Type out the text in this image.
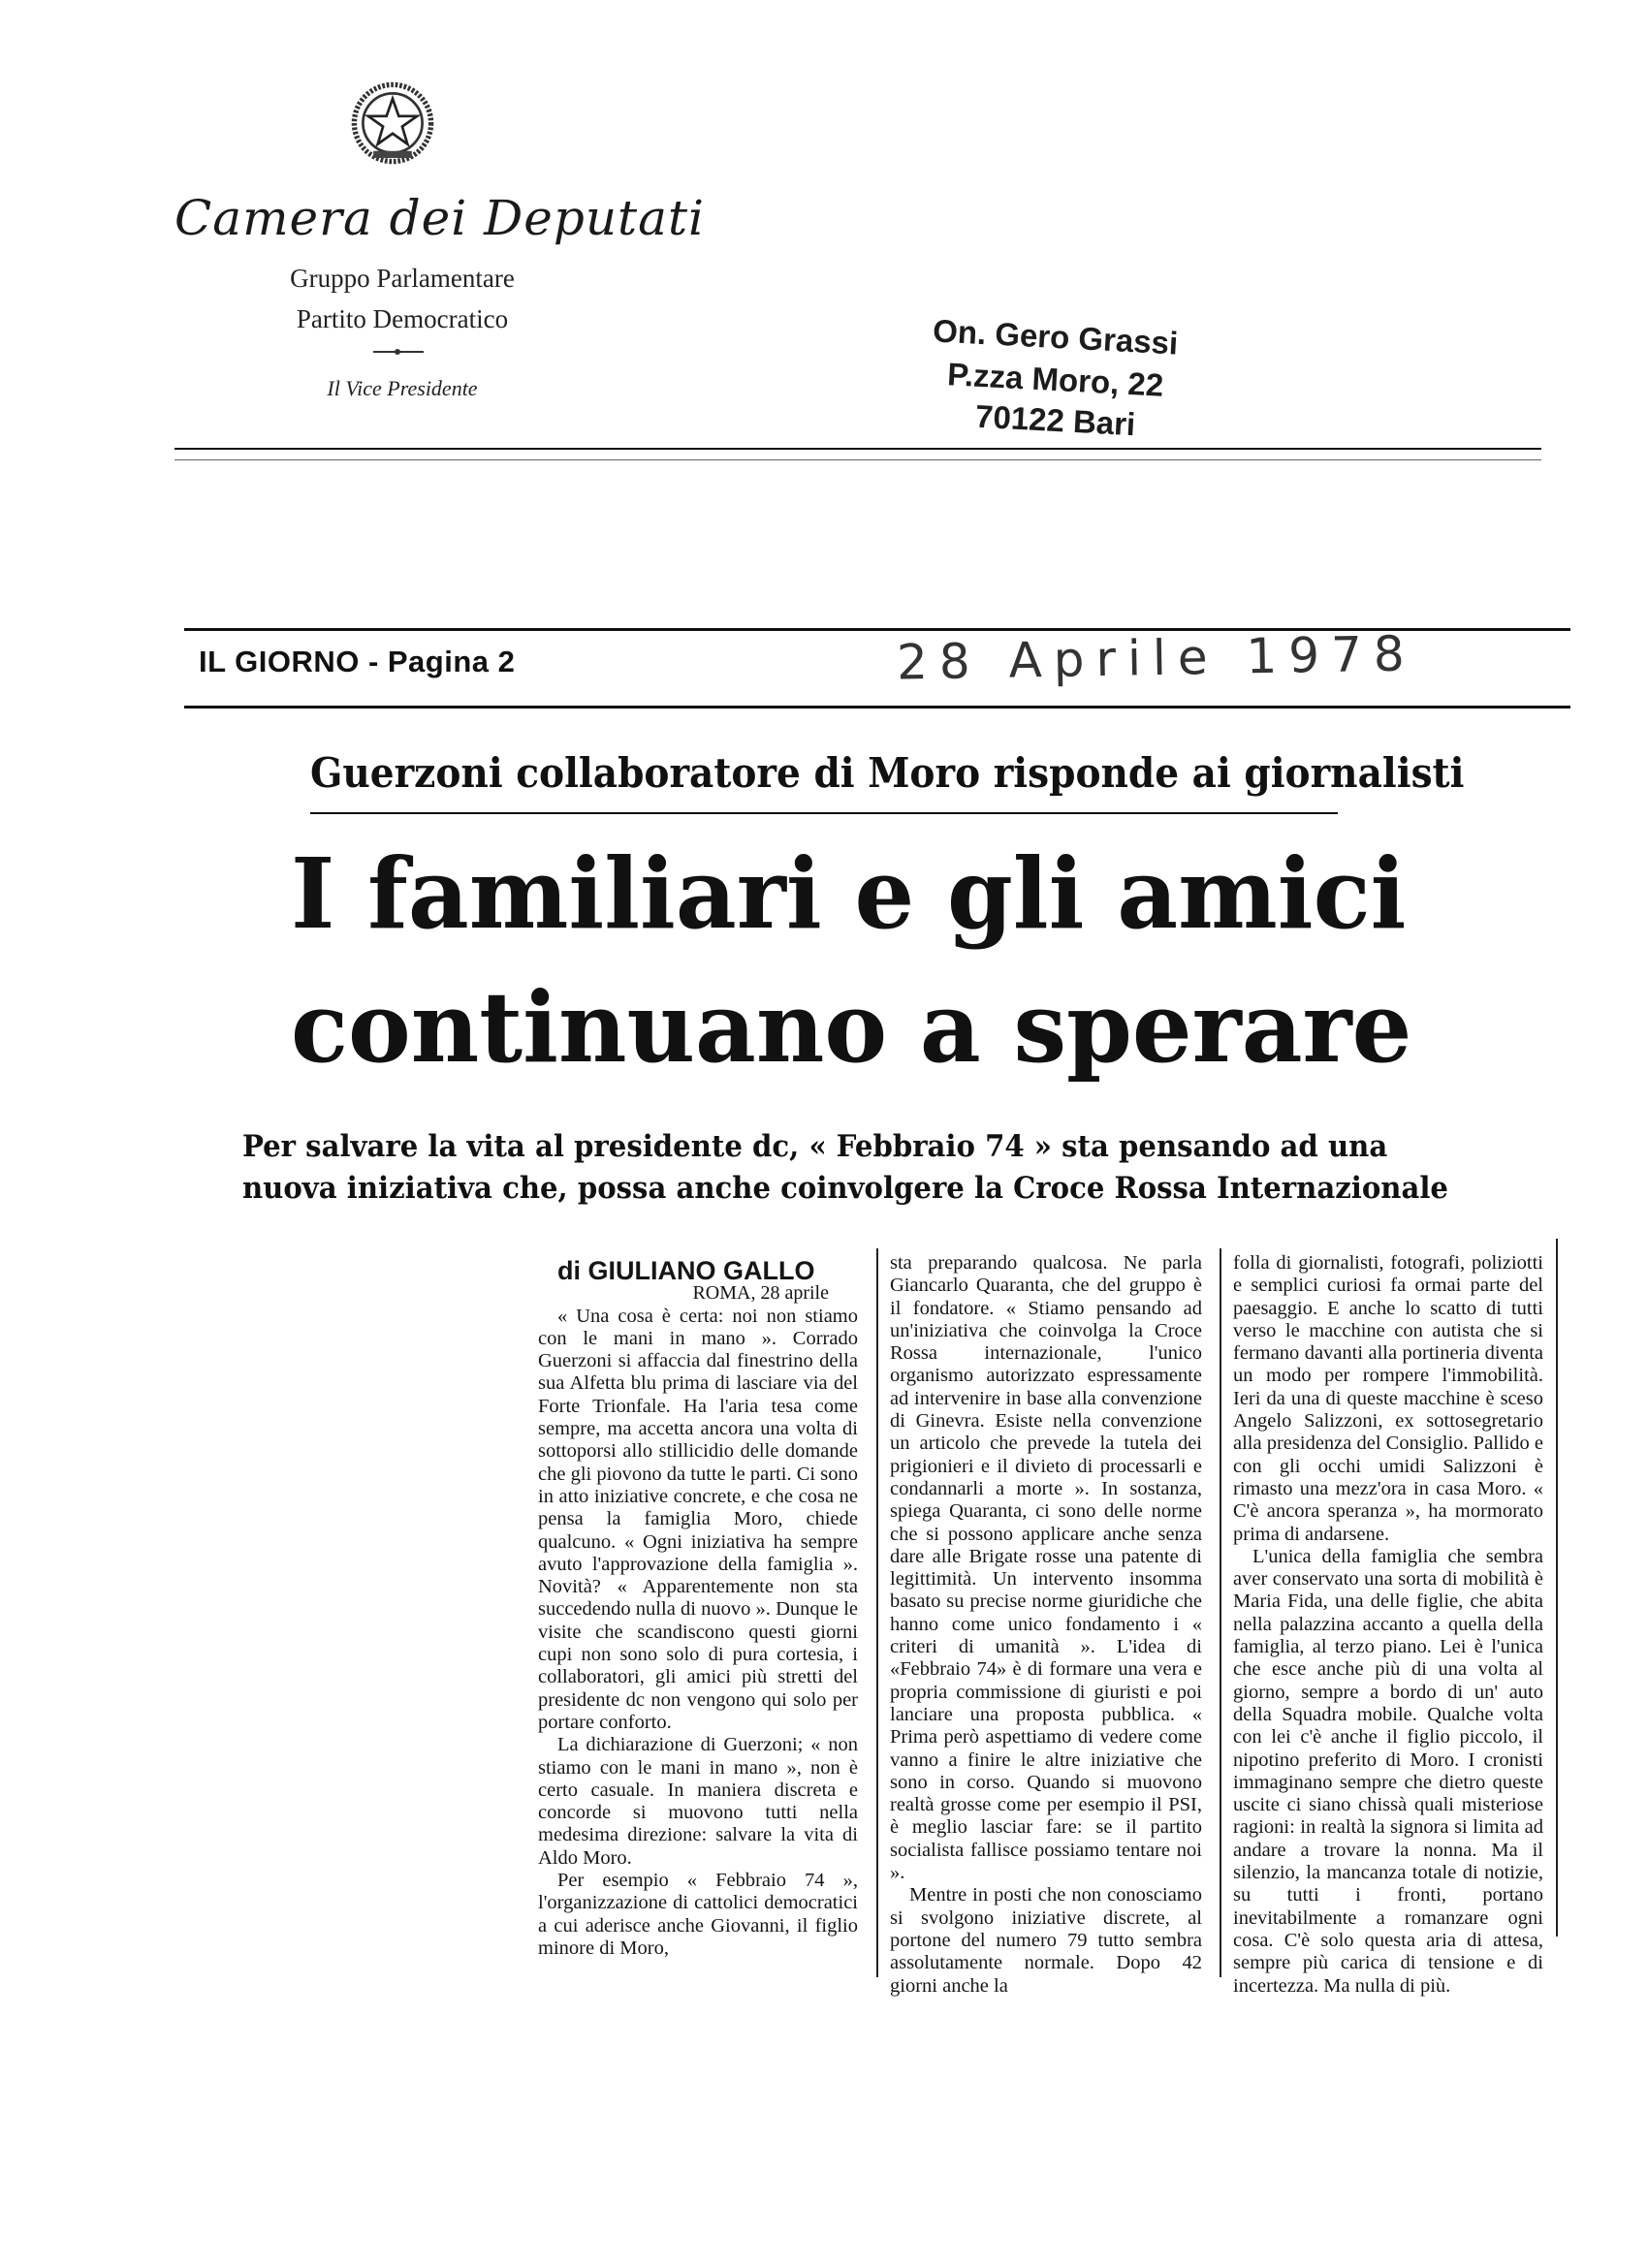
Camera dei Deputati
Gruppo Parlamentare
Partito Democratico
Il Vice Presidente
On. Gero Grassi
P.zza Moro, 22
70122 Bari
IL GIORNO - Pagina 2	28 Aprile 1978
Guerzoni collaboratore di Moro risponde ai giornalisti
I familiari e gli amici
continuano a sperare
Per salvare la vita al presidente dc, « Febbraio 74 » sta pensando ad una
nuova iniziativa che, possa anche coinvolgere la Croce Rossa Internazionale

di GIULIANO GALLO

ROMA, 28 aprile

« Una cosa è certa: noi non stiamo con le mani in mano ». Corrado Guerzoni si affaccia dal finestrino della sua Alfetta blu prima di lasciare via del Forte Trionfale. Ha l'aria tesa come sempre, ma accetta ancora una volta di sottoporsi allo stillicidio delle domande che gli piovono da tutte le parti. Ci sono in atto iniziative concrete, e che cosa ne pensa la famiglia Moro, chiede qualcuno. « Ogni iniziativa ha sempre avuto l'approvazione della famiglia ». Novità? « Apparentemente non sta succedendo nulla di nuovo ». Dunque le visite che scandiscono questi giorni cupi non sono solo di pura cortesia, i collaboratori, gli amici più stretti del presidente dc non vengono qui solo per portare conforto.

La dichiarazione di Guerzoni; « non stiamo con le mani in mano », non è certo casuale. In maniera discreta e concorde si muovono tutti nella medesima direzione: salvare la vita di Aldo Moro.

Per esempio « Febbraio 74 », l'organizzazione di cattolici democratici a cui aderisce anche Giovanni, il figlio minore di Moro,

sta preparando qualcosa. Ne parla Giancarlo Quaranta, che del gruppo è il fondatore. « Stiamo pensando ad un'iniziativa che coinvolga la Croce Rossa internazionale, l'unico organismo autorizzato espressamente ad intervenire in base alla convenzione di Ginevra. Esiste nella convenzione un articolo che prevede la tutela dei prigionieri e il divieto di processarli e condannarli a morte ». In sostanza, spiega Quaranta, ci sono delle norme che si possono applicare anche senza dare alle Brigate rosse una patente di legittimità. Un intervento insomma basato su precise norme giuridiche che hanno come unico fondamento i « criteri di umanità ». L'idea di «Febbraio 74» è di formare una vera e propria commissione di giuristi e poi lanciare una proposta pubblica. « Prima però aspettiamo di vedere come vanno a finire le altre iniziative che sono in corso. Quando si muovono realtà grosse come per esempio il PSI, è meglio lasciar fare: se il partito socialista fallisce possiamo tentare noi ».

Mentre in posti che non conosciamo si svolgono iniziative discrete, al portone del numero 79 tutto sembra assolutamente normale. Dopo 42 giorni anche la

folla di giornalisti, fotografi, poliziotti e semplici curiosi fa ormai parte del paesaggio. E anche lo scatto di tutti verso le macchine con autista che si fermano davanti alla portineria diventa un modo per rompere l'immobilità. Ieri da una di queste macchine è sceso Angelo Salizzoni, ex sottosegretario alla presidenza del Consiglio. Pallido e con gli occhi umidi Salizzoni è rimasto una mezz'ora in casa Moro. « C'è ancora speranza », ha mormorato prima di andarsene.

L'unica della famiglia che sembra aver conservato una sorta di mobilità è Maria Fida, una delle figlie, che abita nella palazzina accanto a quella della famiglia, al terzo piano. Lei è l'unica che esce anche più di una volta al giorno, sempre a bordo di un' auto della Squadra mobile. Qualche volta con lei c'è anche il figlio piccolo, il nipotino preferito di Moro. I cronisti immaginano sempre che dietro queste uscite ci siano chissà quali misteriose ragioni: in realtà la signora si limita ad andare a trovare la nonna. Ma il silenzio, la mancanza totale di notizie, su tutti i fronti, portano inevitabilmente a romanzare ogni cosa. C'è solo questa aria di attesa, sempre più carica di tensione e di incertezza. Ma nulla di più.
